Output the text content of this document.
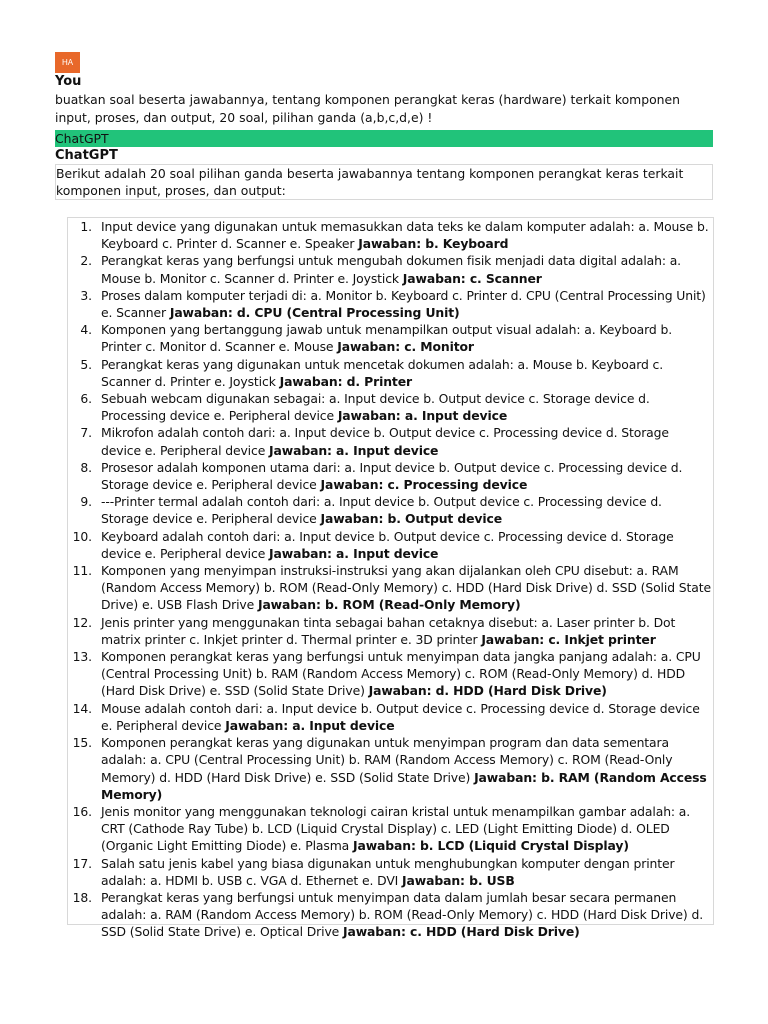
HA
You
buatkan soal beserta jawabannya, tentang komponen perangkat keras (hardware) terkait komponen input, proses, dan output, 20 soal, pilihan ganda (a,b,c,d,e) !
ChatGPT
ChatGPT
Berikut adalah 20 soal pilihan ganda beserta jawabannya tentang komponen perangkat keras terkait komponen input, proses, dan output:
1. Input device yang digunakan untuk memasukkan data teks ke dalam komputer adalah: a. Mouse b. Keyboard c. Printer d. Scanner e. Speaker Jawaban: b. Keyboard
2. Perangkat keras yang berfungsi untuk mengubah dokumen fisik menjadi data digital adalah: a. Mouse b. Monitor c. Scanner d. Printer e. Joystick Jawaban: c. Scanner
3. Proses dalam komputer terjadi di: a. Monitor b. Keyboard c. Printer d. CPU (Central Processing Unit) e. Scanner Jawaban: d. CPU (Central Processing Unit)
4. Komponen yang bertanggung jawab untuk menampilkan output visual adalah: a. Keyboard b. Printer c. Monitor d. Scanner e. Mouse Jawaban: c. Monitor
5. Perangkat keras yang digunakan untuk mencetak dokumen adalah: a. Mouse b. Keyboard c. Scanner d. Printer e. Joystick Jawaban: d. Printer
6. Sebuah webcam digunakan sebagai: a. Input device b. Output device c. Storage device d. Processing device e. Peripheral device Jawaban: a. Input device
7. Mikrofon adalah contoh dari: a. Input device b. Output device c. Processing device d. Storage device e. Peripheral device Jawaban: a. Input device
8. Prosesor adalah komponen utama dari: a. Input device b. Output device c. Processing device d. Storage device e. Peripheral device Jawaban: c. Processing device
9. ---Printer termal adalah contoh dari: a. Input device b. Output device c. Processing device d. Storage device e. Peripheral device Jawaban: b. Output device
10. Keyboard adalah contoh dari: a. Input device b. Output device c. Processing device d. Storage device e. Peripheral device Jawaban: a. Input device
11. Komponen yang menyimpan instruksi-instruksi yang akan dijalankan oleh CPU disebut: a. RAM (Random Access Memory) b. ROM (Read-Only Memory) c. HDD (Hard Disk Drive) d. SSD (Solid State Drive) e. USB Flash Drive Jawaban: b. ROM (Read-Only Memory)
12. Jenis printer yang menggunakan tinta sebagai bahan cetaknya disebut: a. Laser printer b. Dot matrix printer c. Inkjet printer d. Thermal printer e. 3D printer Jawaban: c. Inkjet printer
13. Komponen perangkat keras yang berfungsi untuk menyimpan data jangka panjang adalah: a. CPU (Central Processing Unit) b. RAM (Random Access Memory) c. ROM (Read-Only Memory) d. HDD (Hard Disk Drive) e. SSD (Solid State Drive) Jawaban: d. HDD (Hard Disk Drive)
14. Mouse adalah contoh dari: a. Input device b. Output device c. Processing device d. Storage device e. Peripheral device Jawaban: a. Input device
15. Komponen perangkat keras yang digunakan untuk menyimpan program dan data sementara adalah: a. CPU (Central Processing Unit) b. RAM (Random Access Memory) c. ROM (Read-Only Memory) d. HDD (Hard Disk Drive) e. SSD (Solid State Drive) Jawaban: b. RAM (Random Access Memory)
16. Jenis monitor yang menggunakan teknologi cairan kristal untuk menampilkan gambar adalah: a. CRT (Cathode Ray Tube) b. LCD (Liquid Crystal Display) c. LED (Light Emitting Diode) d. OLED (Organic Light Emitting Diode) e. Plasma Jawaban: b. LCD (Liquid Crystal Display)
17. Salah satu jenis kabel yang biasa digunakan untuk menghubungkan komputer dengan printer adalah: a. HDMI b. USB c. VGA d. Ethernet e. DVI Jawaban: b. USB
18. Perangkat keras yang berfungsi untuk menyimpan data dalam jumlah besar secara permanen adalah: a. RAM (Random Access Memory) b. ROM (Read-Only Memory) c. HDD (Hard Disk Drive) d. SSD (Solid State Drive) e. Optical Drive Jawaban: c. HDD (Hard Disk Drive)
